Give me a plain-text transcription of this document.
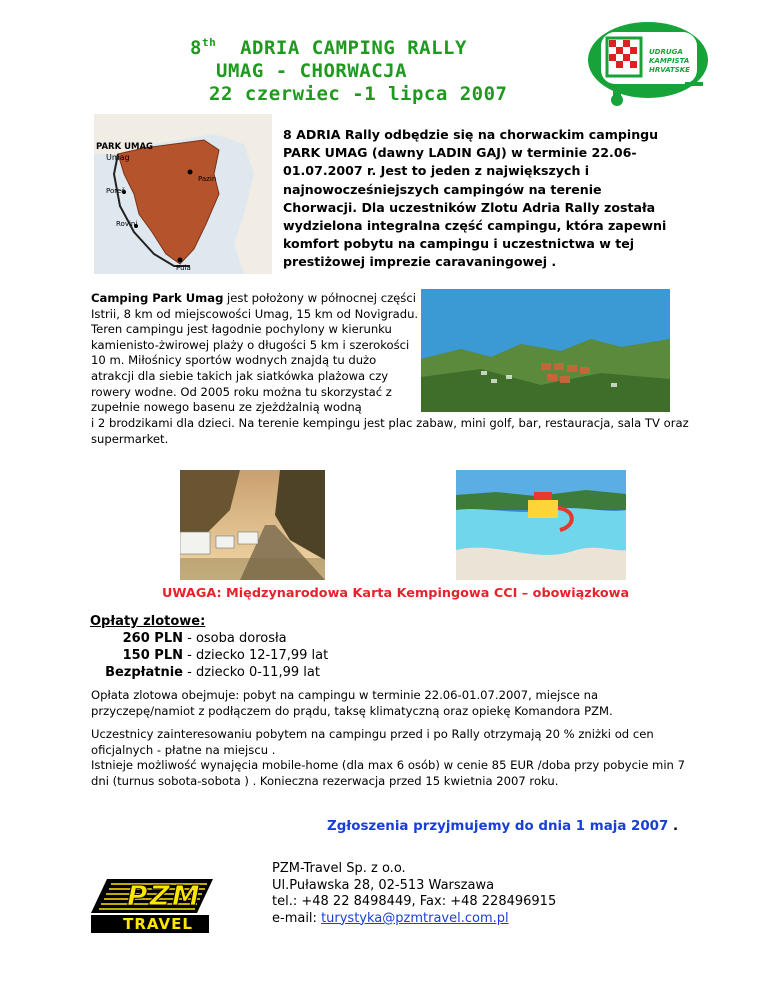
8th ADRIA CAMPING RALLY
UMAG - CHORWACJA
22 czerwiec -1 lipca 2007
UDRUGA
KAMPISTA
HRVATSKE
PARK UMAG
Umag
Pazin
Poreč
Rovinj
Pula
8 ADRIA Rally odbędzie się na chorwackim campingu PARK UMAG (dawny LADIN GAJ) w terminie 22.06-01.07.2007 r. Jest to jeden z największych i najnowocześniejszych campingów na terenie Chorwacji. Dla uczestników Zlotu Adria Rally została wydzielona integralna część campingu, która zapewni komfort pobytu na campingu i uczestnictwa w tej prestiżowej imprezie caravaningowej .
Camping Park Umag jest położony w północnej części Istrii, 8 km od miejscowości Umag, 15 km od Novigradu. Teren campingu jest łagodnie pochylony w kierunku kamienisto-żwirowej plaży o długości 5 km i szerokości 10 m. Miłośnicy sportów wodnych znajdą tu dużo atrakcji dla siebie takich jak siatkówka plażowa czy rowery wodne. Od 2005 roku można tu skorzystać z zupełnie nowego basenu ze zjeżdżalnią wodną
i 2 brodzikami dla dzieci. Na terenie kempingu jest plac zabaw, mini golf, bar, restauracja, sala TV oraz supermarket.
UWAGA: Międzynarodowa Karta Kempingowa CCI – obowiązkowa
Opłaty zlotowe:
260 PLN - osoba dorosła
150 PLN - dziecko 12-17,99 lat
Bezpłatnie - dziecko 0-11,99 lat
Opłata zlotowa obejmuje: pobyt na campingu w terminie 22.06-01.07.2007, miejsce na przyczepę/namiot z podłączem do prądu, taksę klimatyczną oraz opiekę Komandora PZM.
Uczestnicy zainteresowaniu pobytem na campingu przed i po Rally otrzymają 20 % zniżki od cen oficjalnych - płatne na miejscu .
Istnieje możliwość wynajęcia mobile-home (dla max 6 osób) w cenie 85 EUR /doba przy pobycie min 7 dni (turnus sobota-sobota ) . Konieczna rezerwacja przed 15 kwietnia 2007 roku.
Zgłoszenia przyjmujemy do dnia 1 maja 2007 .
PZM
TRAVEL
PZM-Travel Sp. z o.o.
Ul.Puławska 28, 02-513 Warszawa
tel.: +48 22 8498449, Fax: +48 228496915
e-mail: turystyka@pzmtravel.com.pl
